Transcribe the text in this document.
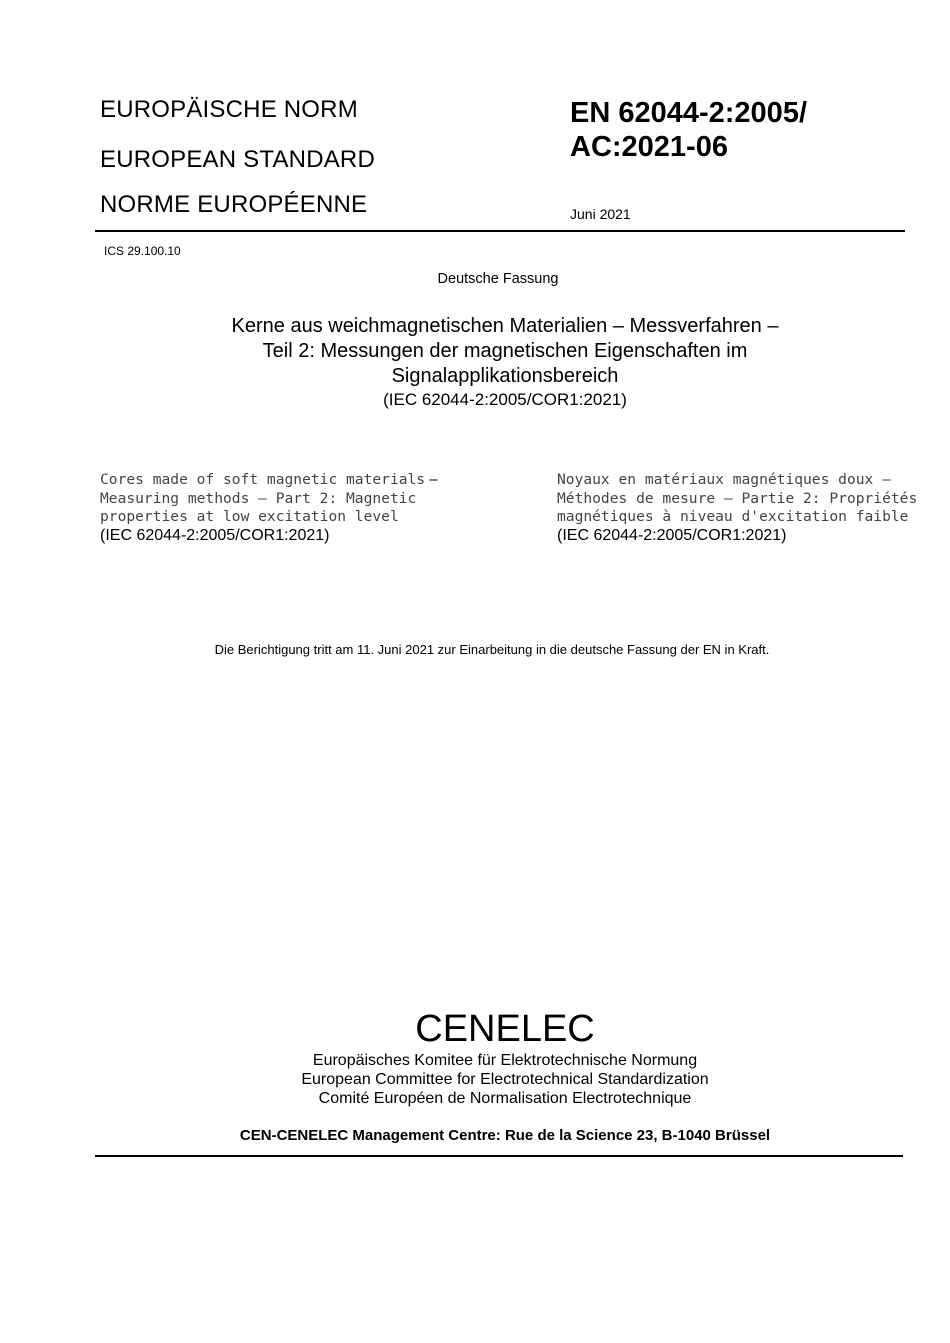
EUROPÄISCHE NORM
EUROPEAN STANDARD
NORME EUROPÉENNE
EN 62044-2:2005/
AC:2021-06
Juni 2021
ICS 29.100.10
Deutsche Fassung
Kerne aus weichmagnetischen Materialien – Messverfahren –
Teil 2: Messungen der magnetischen Eigenschaften im
Signalapplikationsbereich
(IEC 62044-2:2005/COR1:2021)
Cores made of soft magnetic materials –
Measuring methods – Part 2: Magnetic
properties at low excitation level
(IEC 62044-2:2005/COR1:2021)
Noyaux en matériaux magnétiques doux –
Méthodes de mesure – Partie 2: Propriétés
magnétiques à niveau d'excitation faible
(IEC 62044-2:2005/COR1:2021)
Die Berichtigung tritt am 11. Juni 2021 zur Einarbeitung in die deutsche Fassung der EN in Kraft.
CENELEC
Europäisches Komitee für Elektrotechnische Normung
European Committee for Electrotechnical Standardization
Comité Européen de Normalisation Electrotechnique
CEN-CENELEC Management Centre: Rue de la Science 23, B-1040 Brüssel
